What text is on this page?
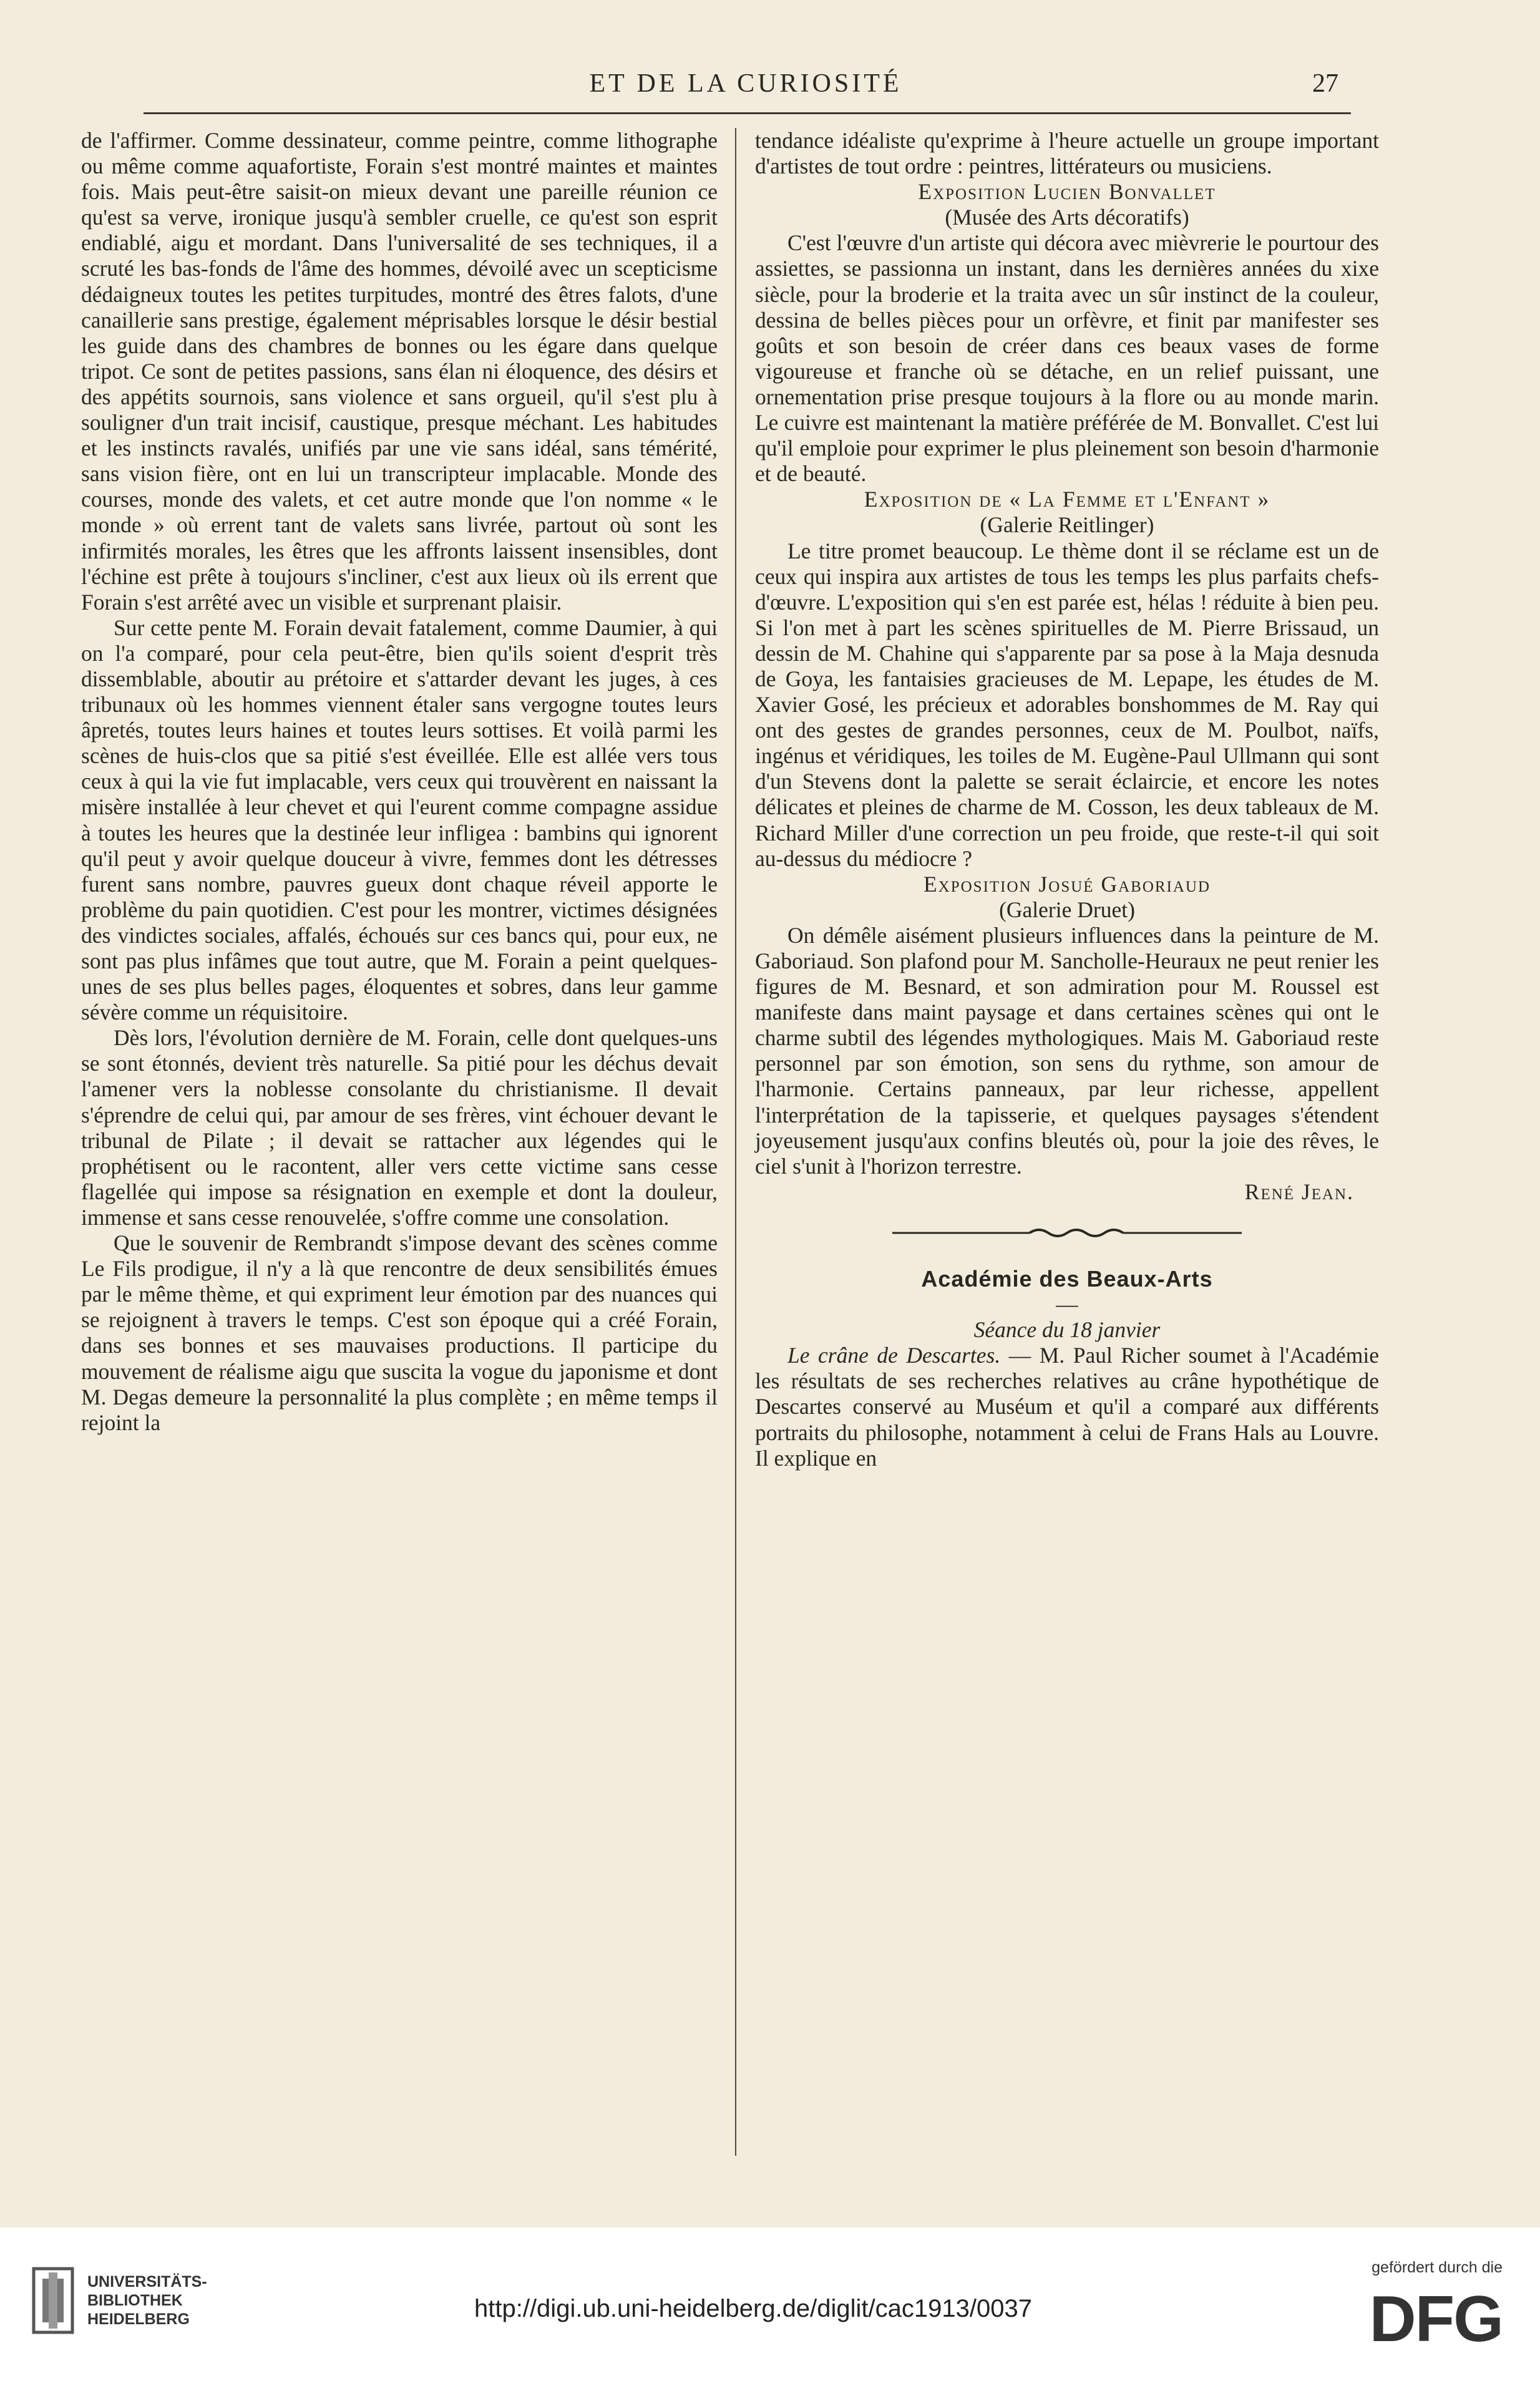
ET DE LA CURIOSITÉ	27

de l'affirmer. Comme dessinateur, comme peintre, comme lithographe ou même comme aquafortiste, Forain s'est montré maintes et maintes fois. Mais peut-être saisit-on mieux devant une pareille réunion ce qu'est sa verve, ironique jusqu'à sembler cruelle, ce qu'est son esprit endiablé, aigu et mordant. Dans l'universalité de ses techniques, il a scruté les bas-fonds de l'âme des hommes, dévoilé avec un scepticisme dédaigneux toutes les petites turpitudes, montré des êtres falots, d'une canaillerie sans prestige, également méprisables lorsque le désir bestial les guide dans des chambres de bonnes ou les égare dans quelque tripot. Ce sont de petites passions, sans élan ni éloquence, des désirs et des appétits sournois, sans violence et sans orgueil, qu'il s'est plu à souligner d'un trait incisif, caustique, presque méchant. Les habitudes et les instincts ravalés, unifiés par une vie sans idéal, sans témérité, sans vision fière, ont en lui un transcripteur implacable. Monde des courses, monde des valets, et cet autre monde que l'on nomme « le monde » où errent tant de valets sans livrée, partout où sont les infirmités morales, les êtres que les affronts laissent insensibles, dont l'échine est prête à toujours s'incliner, c'est aux lieux où ils errent que Forain s'est arrêté avec un visible et surprenant plaisir.

Sur cette pente M. Forain devait fatalement, comme Daumier, à qui on l'a comparé, pour cela peut-être, bien qu'ils soient d'esprit très dissemblable, aboutir au prétoire et s'attarder devant les juges, à ces tribunaux où les hommes viennent étaler sans vergogne toutes leurs âpretés, toutes leurs haines et toutes leurs sottises. Et voilà parmi les scènes de huis-clos que sa pitié s'est éveillée. Elle est allée vers tous ceux à qui la vie fut implacable, vers ceux qui trouvèrent en naissant la misère installée à leur chevet et qui l'eurent comme compagne assidue à toutes les heures que la destinée leur infligea : bambins qui ignorent qu'il peut y avoir quelque douceur à vivre, femmes dont les détresses furent sans nombre, pauvres gueux dont chaque réveil apporte le problème du pain quotidien. C'est pour les montrer, victimes désignées des vindictes sociales, affalés, échoués sur ces bancs qui, pour eux, ne sont pas plus infâmes que tout autre, que M. Forain a peint quelques-unes de ses plus belles pages, éloquentes et sobres, dans leur gamme sévère comme un réquisitoire.

Dès lors, l'évolution dernière de M. Forain, celle dont quelques-uns se sont étonnés, devient très naturelle. Sa pitié pour les déchus devait l'amener vers la noblesse consolante du christianisme. Il devait s'éprendre de celui qui, par amour de ses frères, vint échouer devant le tribunal de Pilate ; il devait se rattacher aux légendes qui le prophétisent ou le racontent, aller vers cette victime sans cesse flagellée qui impose sa résignation en exemple et dont la douleur, immense et sans cesse renouvelée, s'offre comme une consolation.

Que le souvenir de Rembrandt s'impose devant des scènes comme Le Fils prodigue, il n'y a là que rencontre de deux sensibilités émues par le même thème, et qui expriment leur émotion par des nuances qui se rejoignent à travers le temps. C'est son époque qui a créé Forain, dans ses bonnes et ses mauvaises productions. Il participe du mouvement de réalisme aigu que suscita la vogue du japonisme et dont M. Degas demeure la personnalité la plus complète ; en même temps il rejoint la

tendance idéaliste qu'exprime à l'heure actuelle un groupe important d'artistes de tout ordre : peintres, littérateurs ou musiciens.

Exposition Lucien Bonvallet

(Musée des Arts décoratifs)

C'est l'œuvre d'un artiste qui décora avec mièvrerie le pourtour des assiettes, se passionna un instant, dans les dernières années du xixe siècle, pour la broderie et la traita avec un sûr instinct de la couleur, dessina de belles pièces pour un orfèvre, et finit par manifester ses goûts et son besoin de créer dans ces beaux vases de forme vigoureuse et franche où se détache, en un relief puissant, une ornementation prise presque toujours à la flore ou au monde marin. Le cuivre est maintenant la matière préférée de M. Bonvallet. C'est lui qu'il emploie pour exprimer le plus pleinement son besoin d'harmonie et de beauté.

Exposition de « La Femme et l'Enfant »

(Galerie Reitlinger)

Le titre promet beaucoup. Le thème dont il se réclame est un de ceux qui inspira aux artistes de tous les temps les plus parfaits chefs-d'œuvre. L'exposition qui s'en est parée est, hélas ! réduite à bien peu. Si l'on met à part les scènes spirituelles de M. Pierre Brissaud, un dessin de M. Chahine qui s'apparente par sa pose à la Maja desnuda de Goya, les fantaisies gracieuses de M. Lepape, les études de M. Xavier Gosé, les précieux et adorables bonshommes de M. Ray qui ont des gestes de grandes personnes, ceux de M. Poulbot, naïfs, ingénus et véridiques, les toiles de M. Eugène-Paul Ullmann qui sont d'un Stevens dont la palette se serait éclaircie, et encore les notes délicates et pleines de charme de M. Cosson, les deux tableaux de M. Richard Miller d'une correction un peu froide, que reste-t-il qui soit au-dessus du médiocre ?

Exposition Josué Gaboriaud

(Galerie Druet)

On démêle aisément plusieurs influences dans la peinture de M. Gaboriaud. Son plafond pour M. Sancholle-Heuraux ne peut renier les figures de M. Besnard, et son admiration pour M. Roussel est manifeste dans maint paysage et dans certaines scènes qui ont le charme subtil des légendes mythologiques. Mais M. Gaboriaud reste personnel par son émotion, son sens du rythme, son amour de l'harmonie. Certains panneaux, par leur richesse, appellent l'interprétation de la tapisserie, et quelques paysages s'étendent joyeusement jusqu'aux confins bleutés où, pour la joie des rêves, le ciel s'unit à l'horizon terrestre.

René Jean.

Académie des Beaux-Arts

—

Séance du 18 janvier

Le crâne de Descartes. — M. Paul Richer soumet à l'Académie les résultats de ses recherches relatives au crâne hypothétique de Descartes conservé au Muséum et qu'il a comparé aux différents portraits du philosophe, notamment à celui de Frans Hals au Louvre. Il explique en

UNIVERSITÄTS-
BIBLIOTHEK
HEIDELBERG	http://digi.ub.uni-heidelberg.de/diglit/cac1913/0037
gefördert durch die
DFG
